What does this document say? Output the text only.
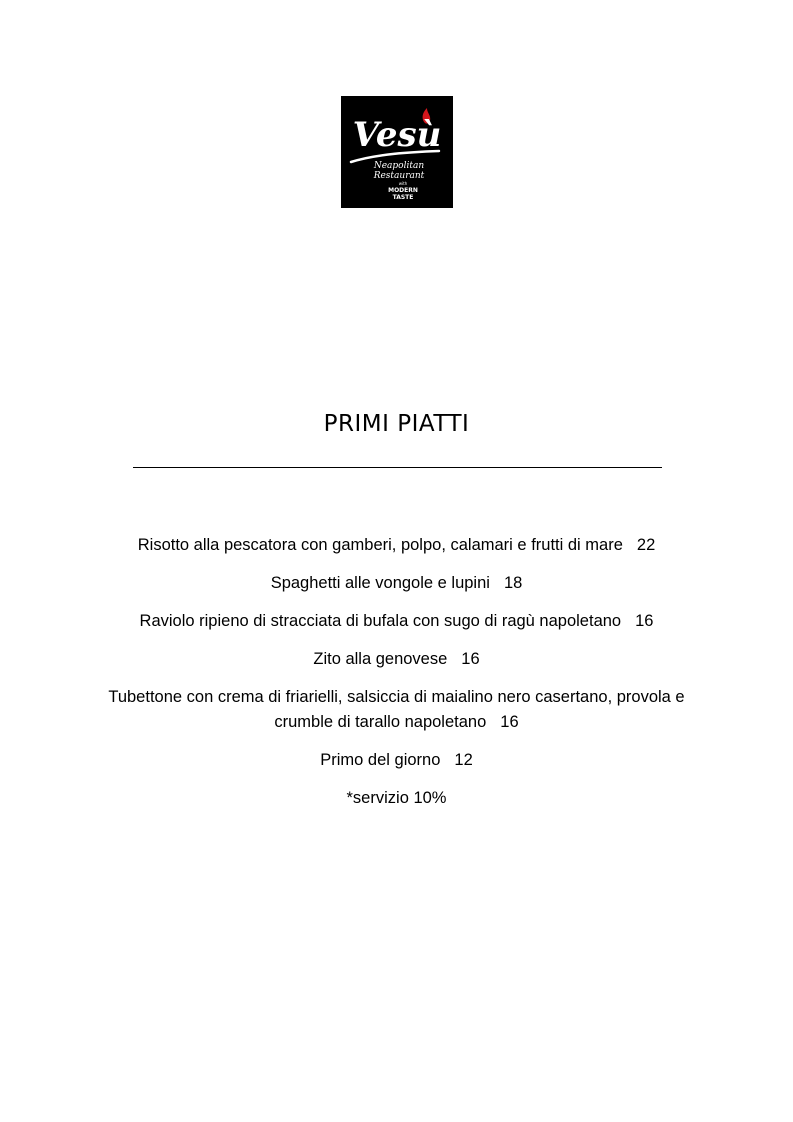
Vesù
Neapolitan
Restaurant
with
MODERN
TASTE
PRIMI PIATTI

Risotto alla pescatora con gamberi, polpo, calamari e frutti di mare 22

Spaghetti alle vongole e lupini 18

Raviolo ripieno di stracciata di bufala con sugo di ragù napoletano 16

Zito alla genovese 16

Tubettone con crema di friarielli, salsiccia di maialino nero casertano, provola e crumble di tarallo napoletano 16

Primo del giorno 12

*servizio 10%
